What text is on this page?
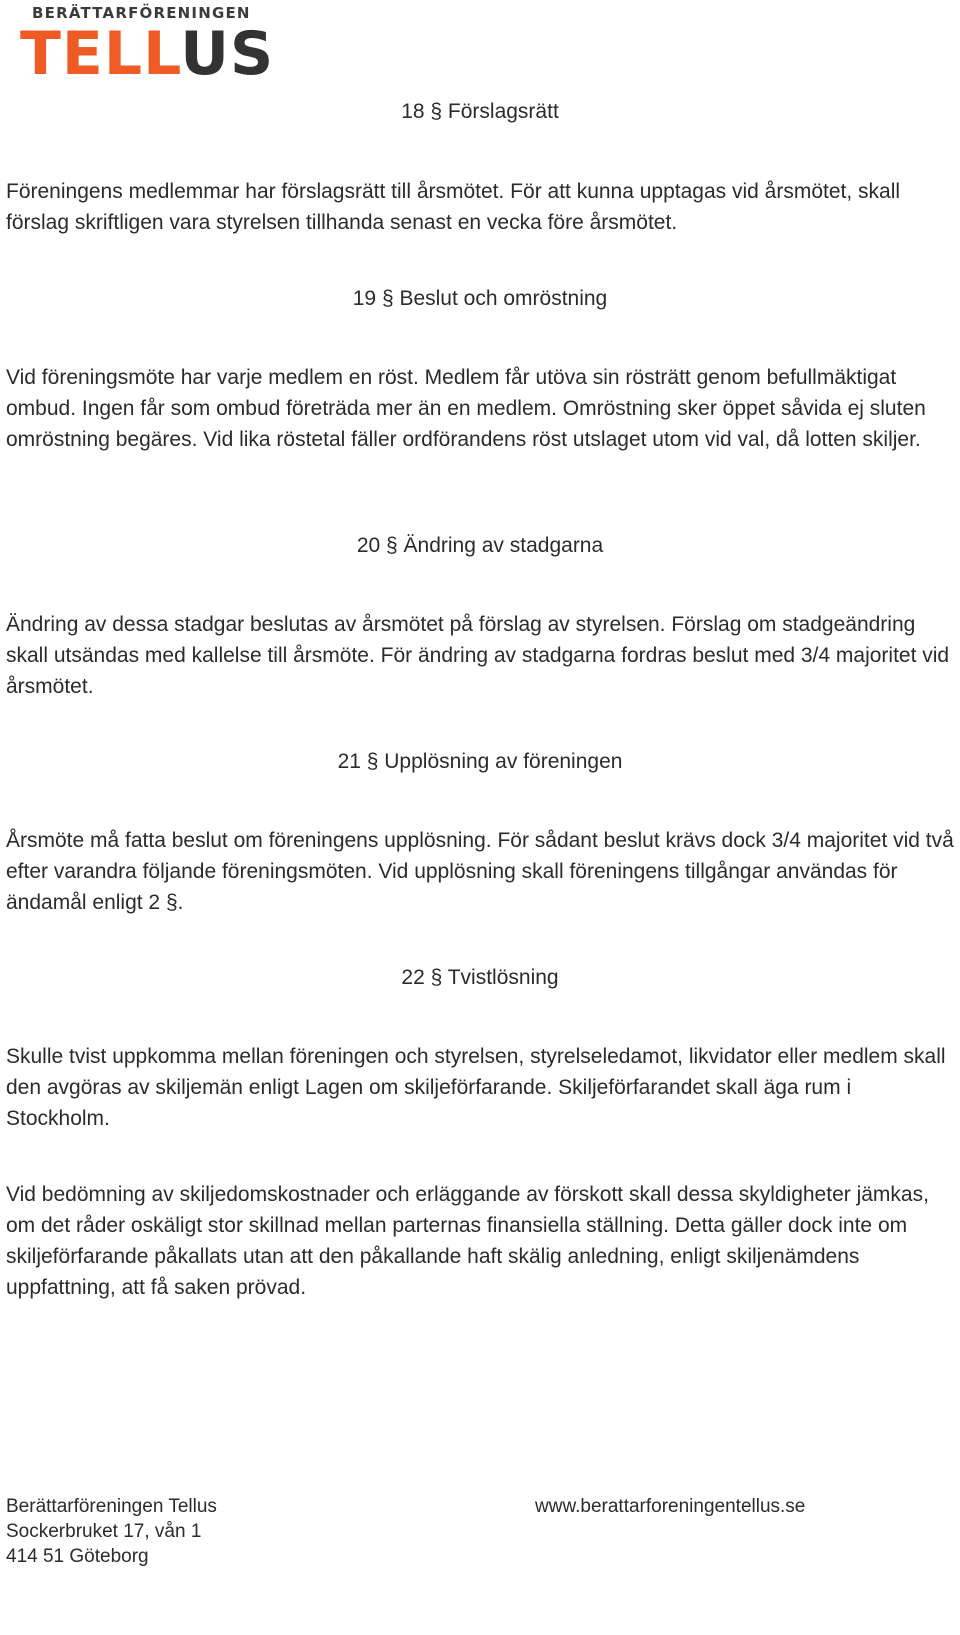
BERÄTTARFÖRENINGEN
TELLUS
18 § Förslagsrätt
Föreningens medlemmar har förslagsrätt till årsmötet. För att kunna upptagas vid årsmötet, skall förslag skriftligen vara styrelsen tillhanda senast en vecka före årsmötet.
19 § Beslut och omröstning
Vid föreningsmöte har varje medlem en röst. Medlem får utöva sin rösträtt genom befullmäktigat ombud. Ingen får som ombud företräda mer än en medlem. Omröstning sker öppet såvida ej sluten omröstning begäres. Vid lika röstetal fäller ordförandens röst utslaget utom vid val, då lotten skiljer.
20 § Ändring av stadgarna
Ändring av dessa stadgar beslutas av årsmötet på förslag av styrelsen. Förslag om stadgeändring skall utsändas med kallelse till årsmöte. För ändring av stadgarna fordras beslut med 3/4 majoritet vid årsmötet.
21 § Upplösning av föreningen
Årsmöte må fatta beslut om föreningens upplösning. För sådant beslut krävs dock 3/4 majoritet vid två efter varandra följande föreningsmöten. Vid upplösning skall föreningens tillgångar användas för ändamål enligt 2 §.
22 § Tvistlösning
Skulle tvist uppkomma mellan föreningen och styrelsen, styrelseledamot, likvidator eller medlem skall den avgöras av skiljemän enligt Lagen om skiljeförfarande. Skiljeförfarandet skall äga rum i Stockholm.
Vid bedömning av skiljedomskostnader och erläggande av förskott skall dessa skyldigheter jämkas, om det råder oskäligt stor skillnad mellan parternas finansiella ställning. Detta gäller dock inte om skiljeförfarande påkallats utan att den påkallande haft skälig anledning, enligt skiljenämdens uppfattning, att få saken prövad.
Berättarföreningen Tellus
Sockerbruket 17, vån 1
414 51 Göteborg
www.berattarforeningentellus.se
